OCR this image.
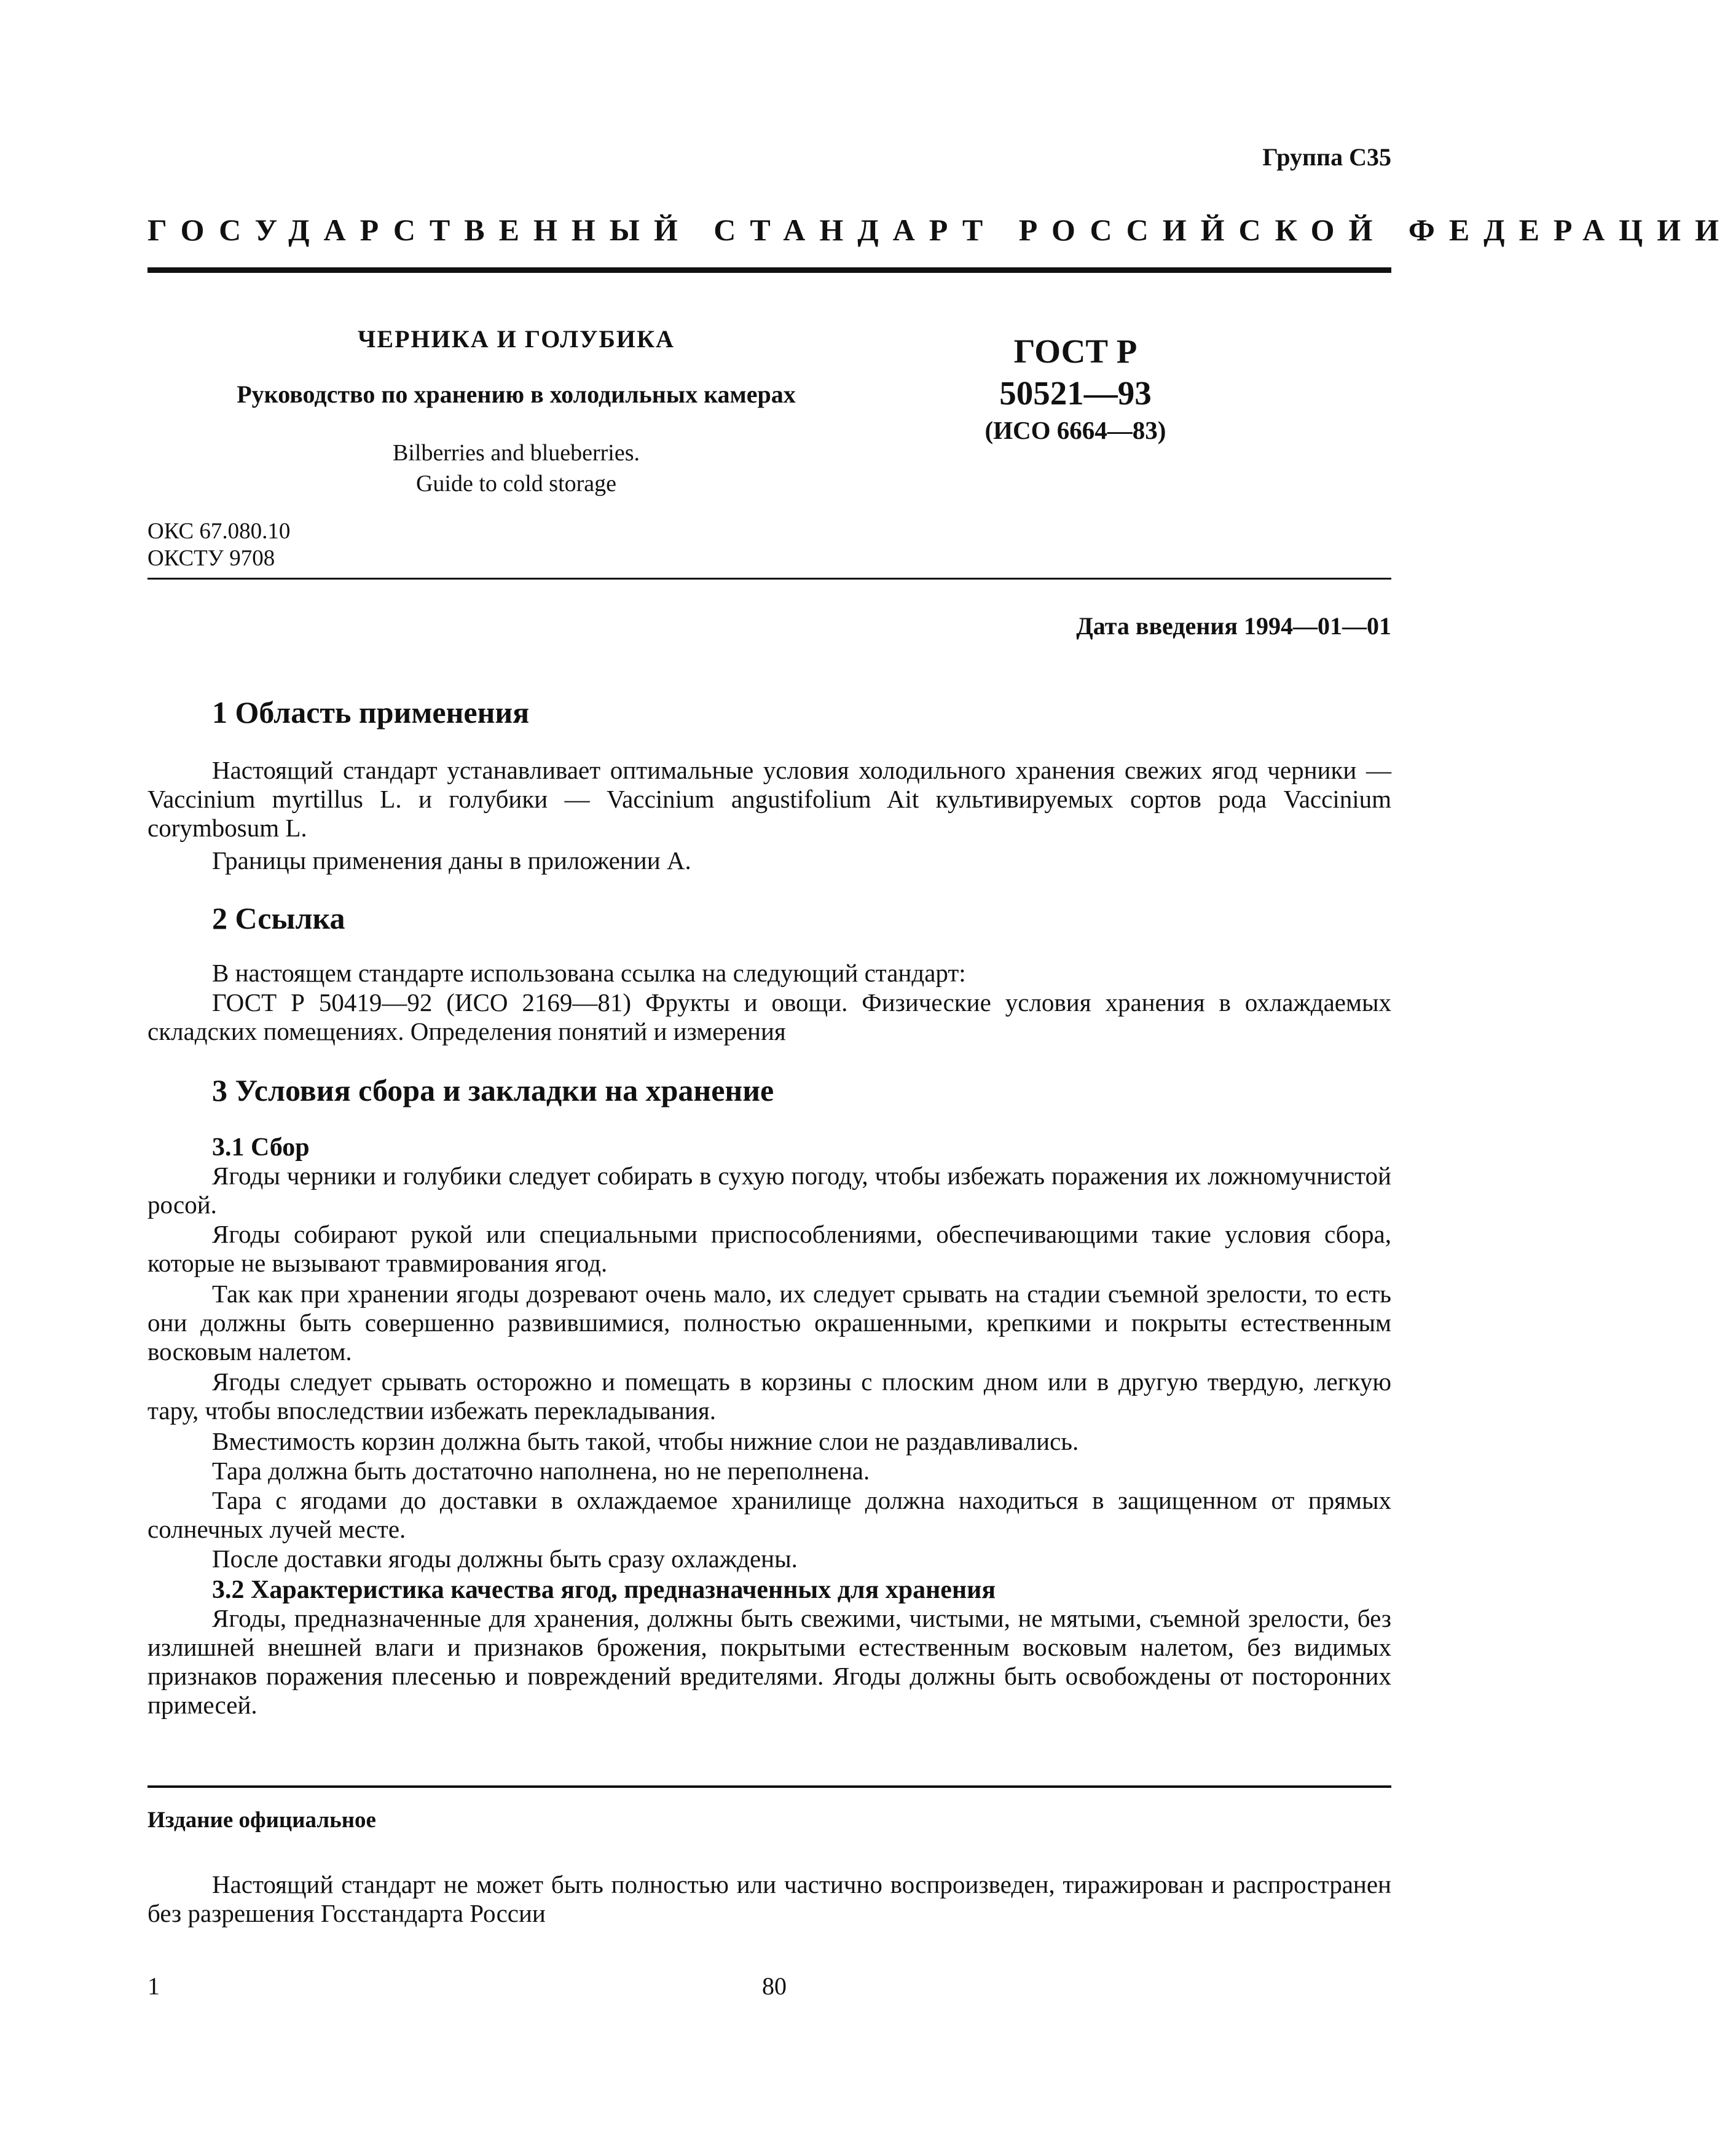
Группа С35
ГОСУДАРСТВЕННЫЙ СТАНДАРТ РОССИЙСКОЙ ФЕДЕРАЦИИ
ЧЕРНИКА И ГОЛУБИКА
Руководство по хранению в холодильных камерах
Bilberries and blueberries.
Guide to cold storage
ГОСТ Р
50521—93
(ИСО 6664—83)
ОКС 67.080.10
ОКСТУ 9708
Дата введения 1994—01—01
1 Область применения

Настоящий стандарт устанавливает оптимальные условия холодильного хранения свежих ягод черники — Vaccinium myrtillus L. и голубики — Vaccinium angustifolium Ait культивируемых сортов рода Vaccinium corymbosum L.

Границы применения даны в приложении А.
2 Ссылка
В настоящем стандарте использована ссылка на следующий стандарт:

ГОСТ Р 50419—92 (ИСО 2169—81) Фрукты и овощи. Физические условия хранения в охлаждаемых складских помещениях. Определения понятий и измерения

3 Условия сбора и закладки на хранение
3.1 Сбор

Ягоды черники и голубики следует собирать в сухую погоду, чтобы избежать поражения их ложномучнистой росой.

Ягоды собирают рукой или специальными приспособлениями, обеспечивающими такие условия сбора, которые не вызывают травмирования ягод.

Так как при хранении ягоды дозревают очень мало, их следует срывать на стадии съемной зрелости, то есть они должны быть совершенно развившимися, полностью окрашенными, крепкими и покрыты естественным восковым налетом.

Ягоды следует срывать осторожно и помещать в корзины с плоским дном или в другую твердую, легкую тару, чтобы впоследствии избежать перекладывания.

Вместимость корзин должна быть такой, чтобы нижние слои не раздавливались.
Тара должна быть достаточно наполнена, но не переполнена.

Тара с ягодами до доставки в охлаждаемое хранилище должна находиться в защищенном от прямых солнечных лучей месте.

После доставки ягоды должны быть сразу охлаждены.
3.2 Характеристика качества ягод, предназначенных для хранения

Ягоды, предназначенные для хранения, должны быть свежими, чистыми, не мятыми, съемной зрелости, без излишней внешней влаги и признаков брожения, покрытыми естественным восковым налетом, без видимых признаков поражения плесенью и повреждений вредителями. Ягоды должны быть освобождены от посторонних примесей.

Издание официальное

Настоящий стандарт не может быть полностью или частично воспроизведен, тиражирован и распространен без разрешения Госстандарта России

1	80
